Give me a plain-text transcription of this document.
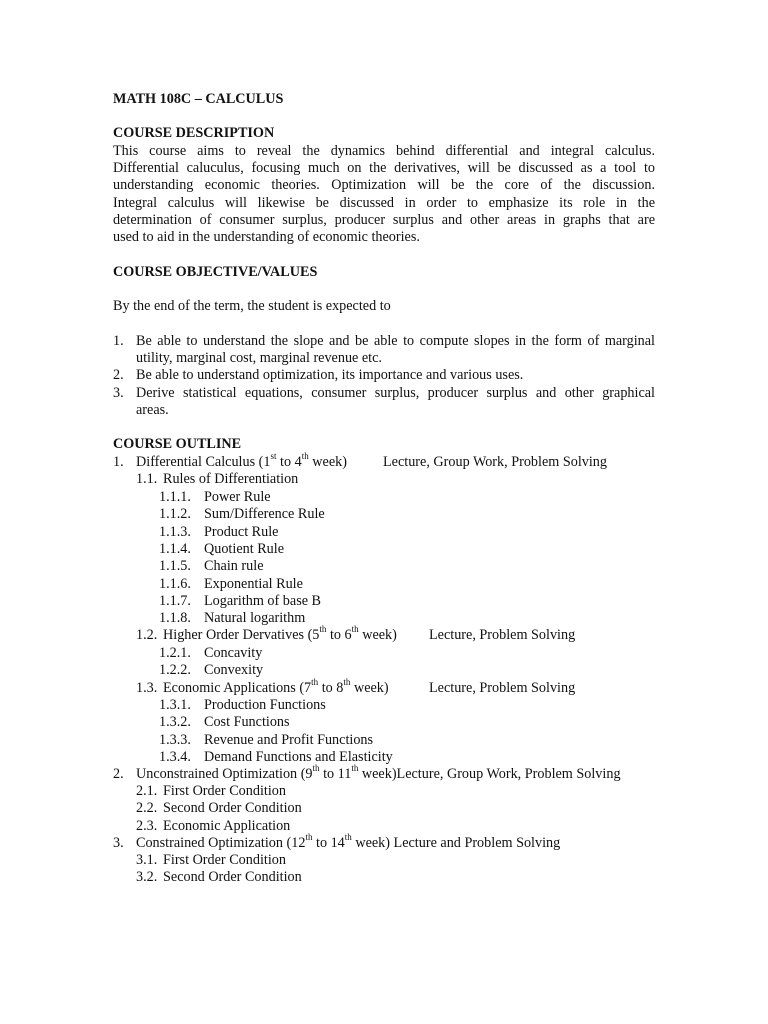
MATH 108C – CALCULUS
COURSE DESCRIPTION
This course aims to reveal the dynamics behind differential and integral calculus.
Differential caluculus, focusing much on the derivatives, will be discussed as a tool to
understanding economic theories. Optimization will be the core of the discussion.
Integral calculus will likewise be discussed in order to emphasize its role in the
determination of consumer surplus, producer surplus and other areas in graphs that are
used to aid in the understanding of economic theories.
COURSE OBJECTIVE/VALUES
By the end of the term, the student is expected to
1. Be able to understand the slope and be able to compute slopes in the form of marginal
utility, marginal cost, marginal revenue etc.
2. Be able to understand optimization, its importance and various uses.
3. Derive statistical equations, consumer surplus, producer surplus and other graphical
areas.
COURSE OUTLINE
1. Differential Calculus (1st to 4th week)	Lecture, Group Work, Problem Solving
1.1. Rules of Differentiation
1.1.1. Power Rule
1.1.2. Sum/Difference Rule
1.1.3. Product Rule
1.1.4. Quotient Rule
1.1.5. Chain rule
1.1.6. Exponential Rule
1.1.7. Logarithm of base B
1.1.8. Natural logarithm
1.2. Higher Order Dervatives (5th to 6th week) Lecture, Problem Solving
1.2.1. Concavity
1.2.2. Convexity
1.3. Economic Applications (7th to 8th week)	Lecture, Problem Solving
1.3.1. Production Functions
1.3.2. Cost Functions
1.3.3. Revenue and Profit Functions
1.3.4. Demand Functions and Elasticity
2. Unconstrained Optimization (9th to 11th week)Lecture, Group Work, Problem Solving
2.1. First Order Condition
2.2. Second Order Condition
2.3. Economic Application
3. Constrained Optimization (12th to 14th week) Lecture and Problem Solving
3.1. First Order Condition
3.2. Second Order Condition
